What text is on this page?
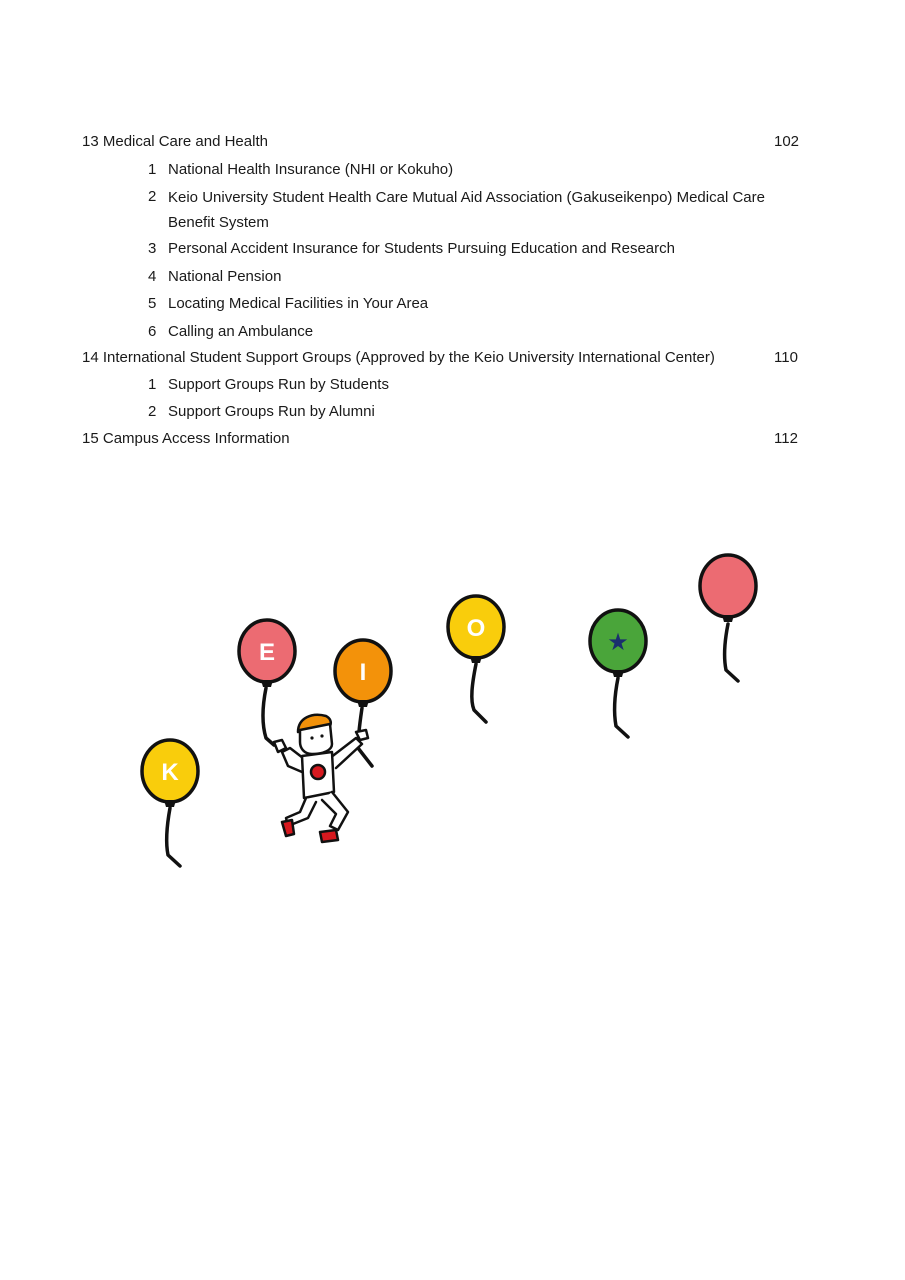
13 Medical Care and Health	102
1 National Health Insurance (NHI or Kokuho)
2 Keio University Student Health Care Mutual Aid Association (Gakuseikenpo) Medical Care Benefit System
3 Personal Accident Insurance for Students Pursuing Education and Research
4 National Pension
5 Locating Medical Facilities in Your Area
6 Calling an Ambulance
14 International Student Support Groups (Approved by the Keio University International Center)	110
1 Support Groups Run by Students
2 Support Groups Run by Alumni
15 Campus Access Information	112
K
E
I
O	★
